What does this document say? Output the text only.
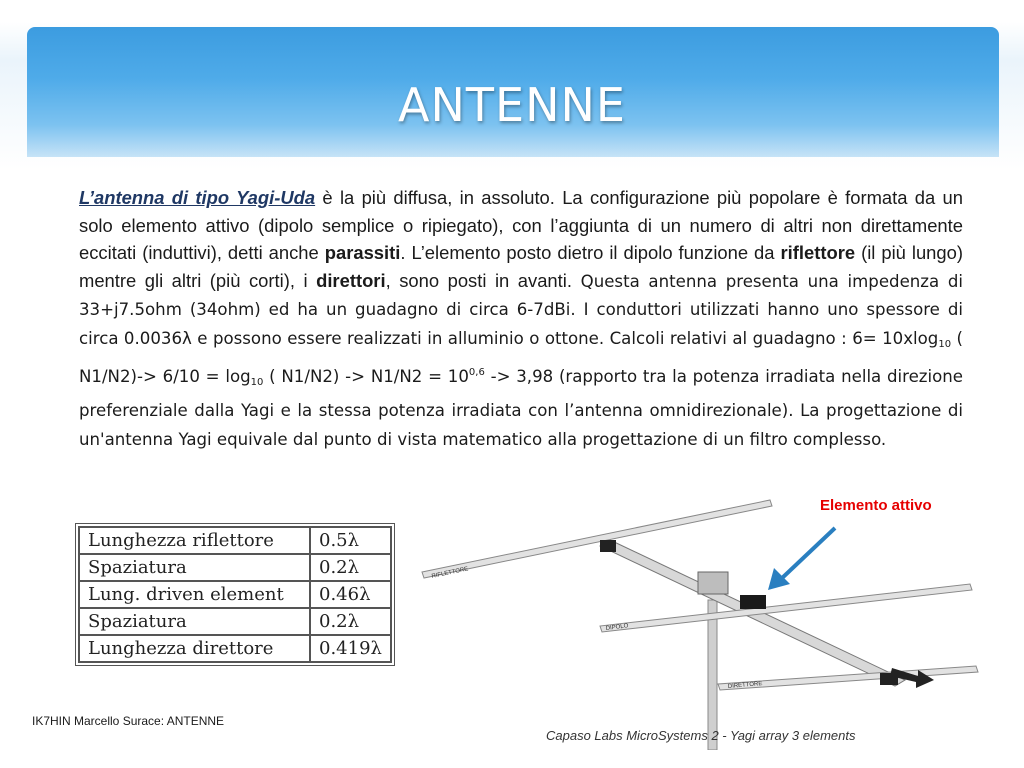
ANTENNE
L’antenna di tipo Yagi-Uda è la più diffusa, in assoluto. La configurazione più popolare è formata da un solo elemento attivo (dipolo semplice o ripiegato), con l’aggiunta di un numero di altri non direttamente eccitati (induttivi), detti anche parassiti. L’elemento posto dietro il dipolo funzione da riflettore (il più lungo) mentre gli altri (più corti), i direttori, sono posti in avanti. Questa antenna presenta una impedenza di 33+j7.5ohm (34ohm) ed ha un guadagno di circa 6-7dBi. I conduttori utilizzati hanno uno spessore di circa 0.0036λ e possono essere realizzati in alluminio o ottone. Calcoli relativi al guadagno : 6= 10xlog$_{10}$ ( $N1/N2)-> 6/10 = \log_{10}$ ( $N1/N2) -> N1/N2 = 10^{0,6} -> 3,98$ (rapporto tra la potenza irradiata nella direzione preferenziale dalla Yagi e la stessa potenza irradiata con l’antenna omnidirezionale). La progettazione di un'antenna Yagi equivale dal punto di vista matematico alla progettazione di un filtro complesso.
Lunghezza riflettore	0.5λ
Spaziatura	0.2λ
Lung. driven element	0.46λ
Spaziatura	0.2λ
Lunghezza direttore	0.419λ
RIFLETTORE
DIPOLO
DIRETTORE
Elemento attivo
Capaso Labs MicroSystems 2 - Yagi array 3 elements
IK7HIN Marcello Surace: ANTENNE
